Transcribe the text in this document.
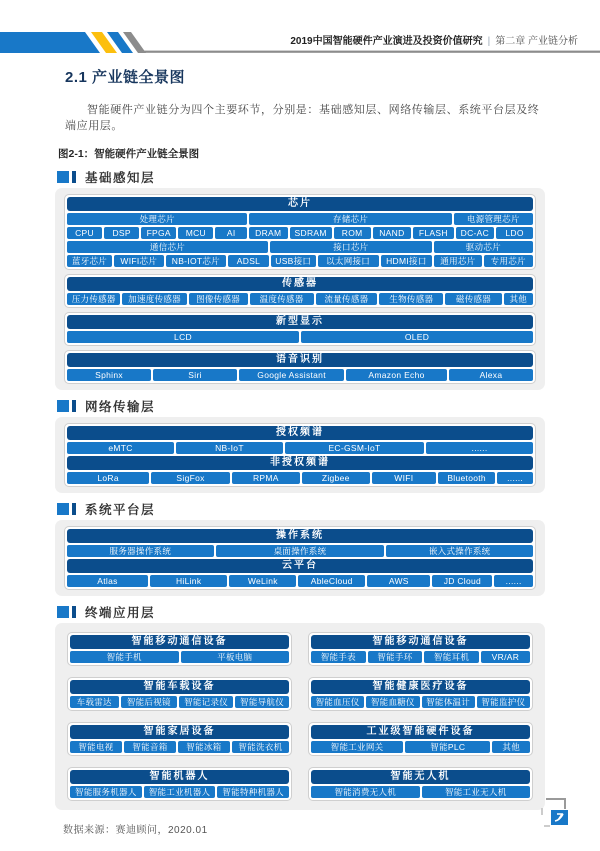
2019中国智能硬件产业演进及投资价值研究 | 第二章 产业链分析
2.1 产业链全景图

智能硬件产业链分为四个主要环节，分别是：基础感知层、网络传输层、系统平台层及终端应用层。

图2-1：智能硬件产业链全景图
基础感知层
芯片
处理芯片	存储芯片	电源管理芯片
CPU	DSP	FPGA	MCU	AI	DRAM	SDRAM	ROM	NAND	FLASH	DC-AC	LDO
通信芯片	接口芯片	驱动芯片
蓝牙芯片	WIFI芯片	NB-IOT芯片	ADSL	USB接口	以太网接口	HDMI接口	通用芯片	专用芯片
传感器
压力传感器	加速度传感器	图像传感器	温度传感器	流量传感器	生物传感器	磁传感器	其他
新型显示
LCD	OLED
语音识别
Sphinx	Siri	Google Assistant	Amazon Echo	Alexa
网络传输层
授权频谱
eMTC	NB-IoT	EC-GSM-IoT	......
非授权频谱
LoRa	SigFox	RPMA	Zigbee	WIFI	Bluetooth	......
系统平台层
操作系统
服务器操作系统	桌面操作系统	嵌入式操作系统
云平台
Atlas	HiLink	WeLink	AbleCloud	AWS	JD Cloud	......
终端应用层
智能移动通信设备
智能手机	平板电脑
智能移动通信设备
智能手表	智能手环	智能耳机	VR/AR
智能车载设备
车载雷达	智能后视镜	智能记录仪	智能导航仪
智能健康医疗设备
智能血压仪	智能血糖仪	智能体温计	智能监护仪
智能家居设备
智能电视	智能音箱	智能冰箱	智能洗衣机
工业级智能硬件设备
智能工业网关	智能PLC	其他
智能机器人
智能服务机器人	智能工业机器人	智能特种机器人
智能无人机
智能消费无人机	智能工业无人机
数据来源：赛迪顾问，2020.01
